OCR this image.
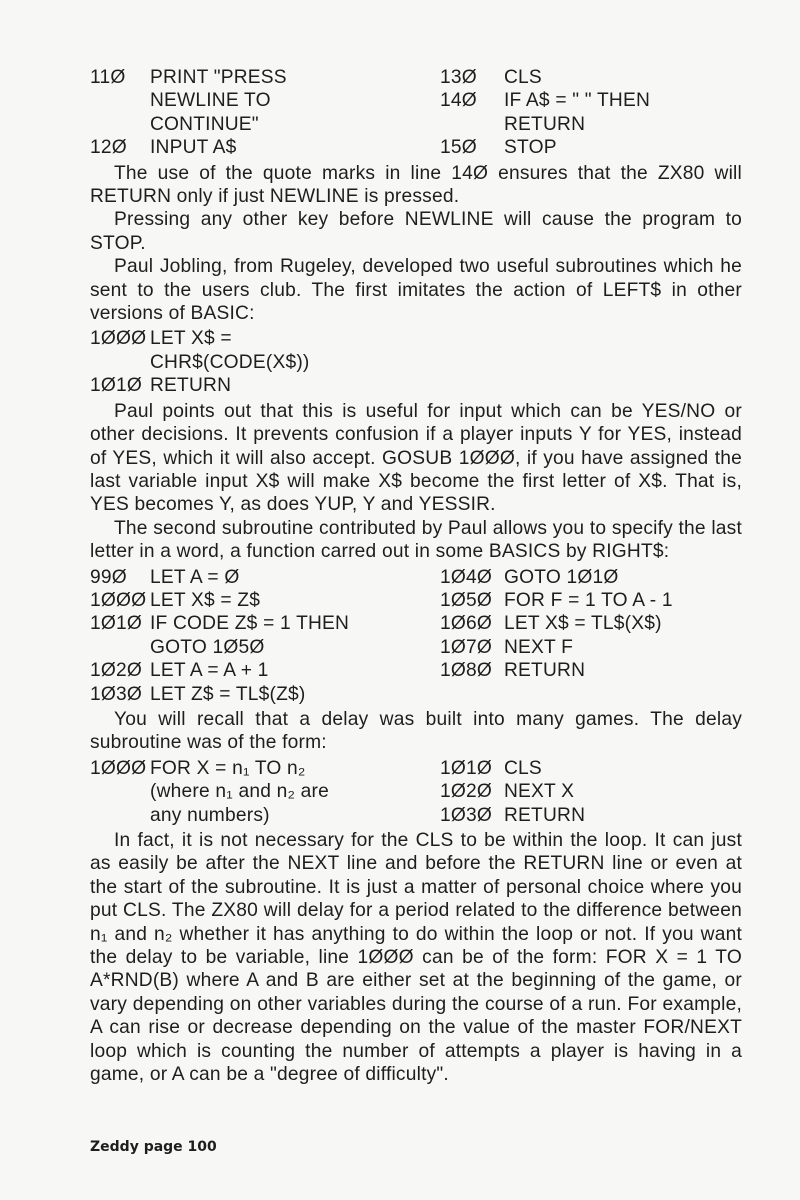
11Ø	PRINT "PRESS
NEWLINE TO
CONTINUE"
12Ø	INPUT A$
13Ø	CLS
14Ø	IF A$ = " " THEN
RETURN
15Ø	STOP

The use of the quote marks in line 14Ø ensures that the ZX80 will RETURN only if just NEWLINE is pressed.

Pressing any other key before NEWLINE will cause the program to STOP.

Paul Jobling, from Rugeley, developed two useful subroutines which he sent to the users club. The first imitates the action of LEFT$ in other versions of BASIC:

1ØØØ LET X$ =
CHR$(CODE(X$))
1Ø1Ø RETURN

Paul points out that this is useful for input which can be YES/NO or other decisions. It prevents confusion if a player inputs Y for YES, instead of YES, which it will also accept. GOSUB 1ØØØ, if you have assigned the last variable input X$ will make X$ become the first letter of X$. That is, YES becomes Y, as does YUP, Y and YESSIR.

The second subroutine contributed by Paul allows you to specify the last letter in a word, a function carred out in some BASICS by RIGHT$:

99Ø	LET A = Ø
1ØØØ LET X$ = Z$
1Ø1Ø IF CODE Z$ = 1 THEN
GOTO 1Ø5Ø
1Ø2Ø LET A = A + 1
1Ø3Ø LET Z$ = TL$(Z$)
1Ø4Ø GOTO 1Ø1Ø
1Ø5Ø FOR F = 1 TO A - 1
1Ø6Ø LET X$ = TL$(X$)
1Ø7Ø NEXT F
1Ø8Ø RETURN

You will recall that a delay was built into many games. The delay subroutine was of the form:

1ØØØ FOR X = n₁ TO n₂
(where n₁ and n₂ are
any numbers)
1Ø1Ø CLS
1Ø2Ø NEXT X
1Ø3Ø RETURN

In fact, it is not necessary for the CLS to be within the loop. It can just as easily be after the NEXT line and before the RETURN line or even at the start of the subroutine. It is just a matter of personal choice where you put CLS. The ZX80 will delay for a period related to the difference between n₁ and n₂ whether it has anything to do within the loop or not. If you want the delay to be variable, line 1ØØØ can be of the form: FOR X = 1 TO A*RND(B) where A and B are either set at the beginning of the game, or vary depending on other variables during the course of a run. For example, A can rise or decrease depending on the value of the master FOR/NEXT loop which is counting the number of attempts a player is having in a game, or A can be a "degree of difficulty".

Zeddy page 100
